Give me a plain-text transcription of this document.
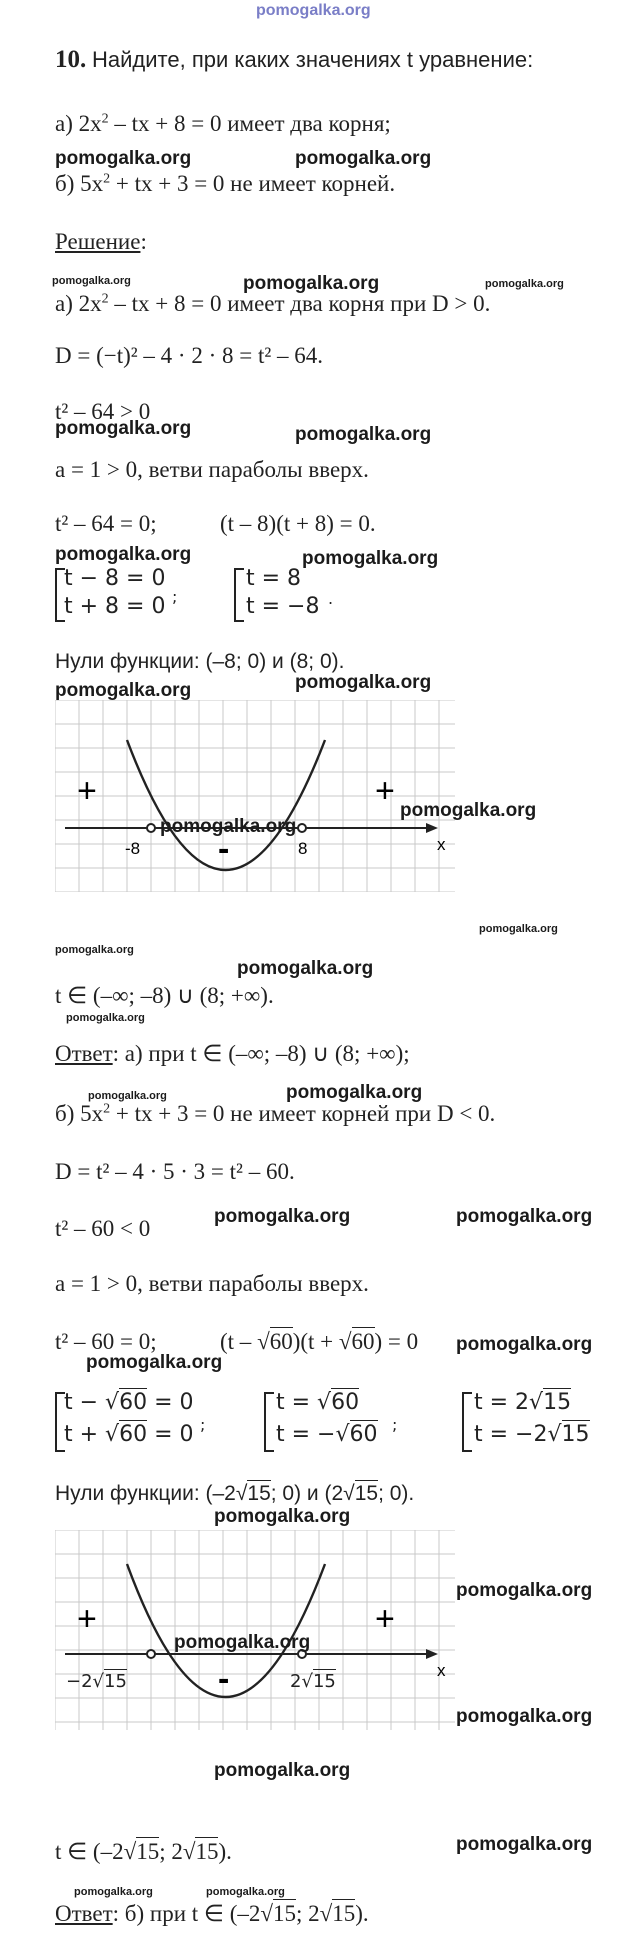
pomogalka.org
10. Найдите, при каких значениях t уравнение:
а) $2x^2$ – tx + 8 = 0 имеет два корня;
pomogalka.org	pomogalka.org
б) $5x^2$ + tx + 3 = 0 не имеет корней.
Решение:
pomogalka.org	pomogalka.org	pomogalka.org
а) $2x^2$ – tx + 8 = 0 имеет два корня при D > 0.
D = (−t)² – 4 · 2 · 8 = t² – 64.
t² – 64 > 0
pomogalka.org	pomogalka.org
a = 1 > 0, ветви параболы вверх.
t² – 64 = 0;	(t – 8)(t + 8) = 0.
pomogalka.org	pomogalka.org
t − 8 = 0
t + 8 = 0 ;
t = 8
t = −8 .
Нули функции: (–8; 0) и (8; 0).
pomogalka.org	pomogalka.org
+	+
-
-8	8	x
pomogalka.org
pomogalka.org
pomogalka.org
pomogalka.org
pomogalka.org
t ∈ (–∞; –8) ∪ (8; +∞).
pomogalka.org
Ответ: а) при t ∈ (–∞; –8) ∪ (8; +∞);
pomogalka.org	pomogalka.org
б) $5x^2$ + tx + 3 = 0 не имеет корней при D < 0.
D = t² – 4 · 5 · 3 = t² – 60.
t² – 60 < 0	pomogalka.org	pomogalka.org
a = 1 > 0, ветви параболы вверх.
t² – 60 = 0;	(t – √60)(t + √60) = 0 pomogalka.org
pomogalka.org
t − √60 = 0
t + √60 = 0 ;
t = √60
t = −√60 ;
t = 2√15
t = −2√15
Нули функции: (–2√15; 0) и (2√15; 0).
pomogalka.org
+	+
-	x
−2√15	2√15
pomogalka.org
pomogalka.org
pomogalka.org
pomogalka.org
t ∈ (–2√15; 2√15).	pomogalka.org
pomogalka.org	pomogalka.org
Ответ: б) при t ∈ (–2√15; 2√15).
